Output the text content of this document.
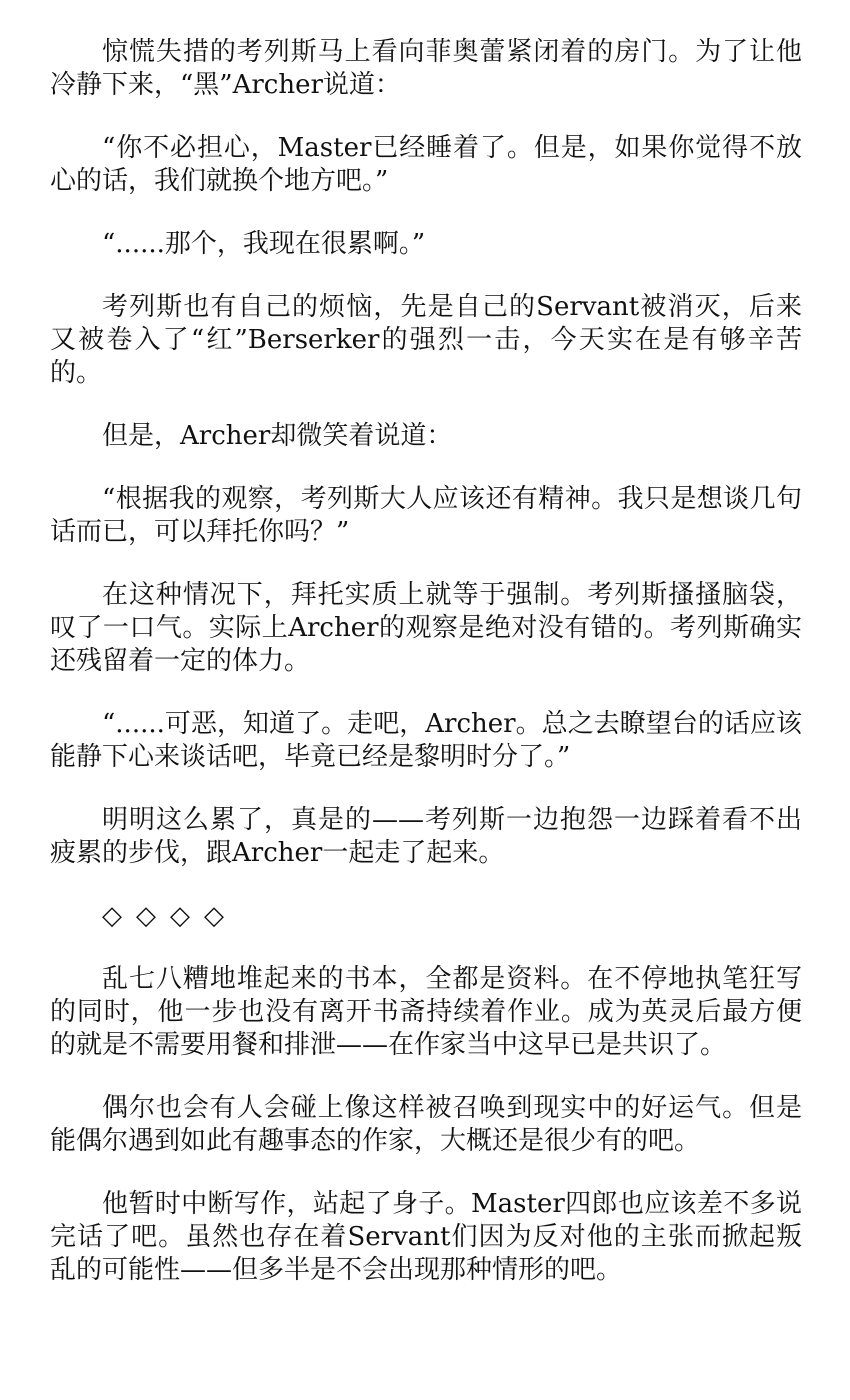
惊慌失措的考列斯马上看向菲奥蕾紧闭着的房门。为了让他冷静下来，“黑”Archer说道：

“你不必担心，Master已经睡着了。但是，如果你觉得不放心的话，我们就换个地方吧。”

“......那个，我现在很累啊。”

考列斯也有自己的烦恼，先是自己的Servant被消灭，后来又被卷入了“红”Berserker的强烈一击，今天实在是有够辛苦的。

但是，Archer却微笑着说道：

“根据我的观察，考列斯大人应该还有精神。我只是想谈几句话而已，可以拜托你吗？”

在这种情况下，拜托实质上就等于强制。考列斯搔搔脑袋，叹了一口气。实际上Archer的观察是绝对没有错的。考列斯确实还残留着一定的体力。

“......可恶，知道了。走吧，Archer。总之去瞭望台的话应该能静下心来谈话吧，毕竟已经是黎明时分了。”

明明这么累了，真是的——考列斯一边抱怨一边踩着看不出疲累的步伐，跟Archer一起走了起来。

◇◇◇◇

乱七八糟地堆起来的书本，全都是资料。在不停地执笔狂写的同时，他一步也没有离开书斋持续着作业。成为英灵后最方便的就是不需要用餐和排泄——在作家当中这早已是共识了。

偶尔也会有人会碰上像这样被召唤到现实中的好运气。但是能偶尔遇到如此有趣事态的作家，大概还是很少有的吧。

他暂时中断写作，站起了身子。Master四郎也应该差不多说完话了吧。虽然也存在着Servant们因为反对他的主张而掀起叛乱的可能性——但多半是不会出现那种情形的吧。
